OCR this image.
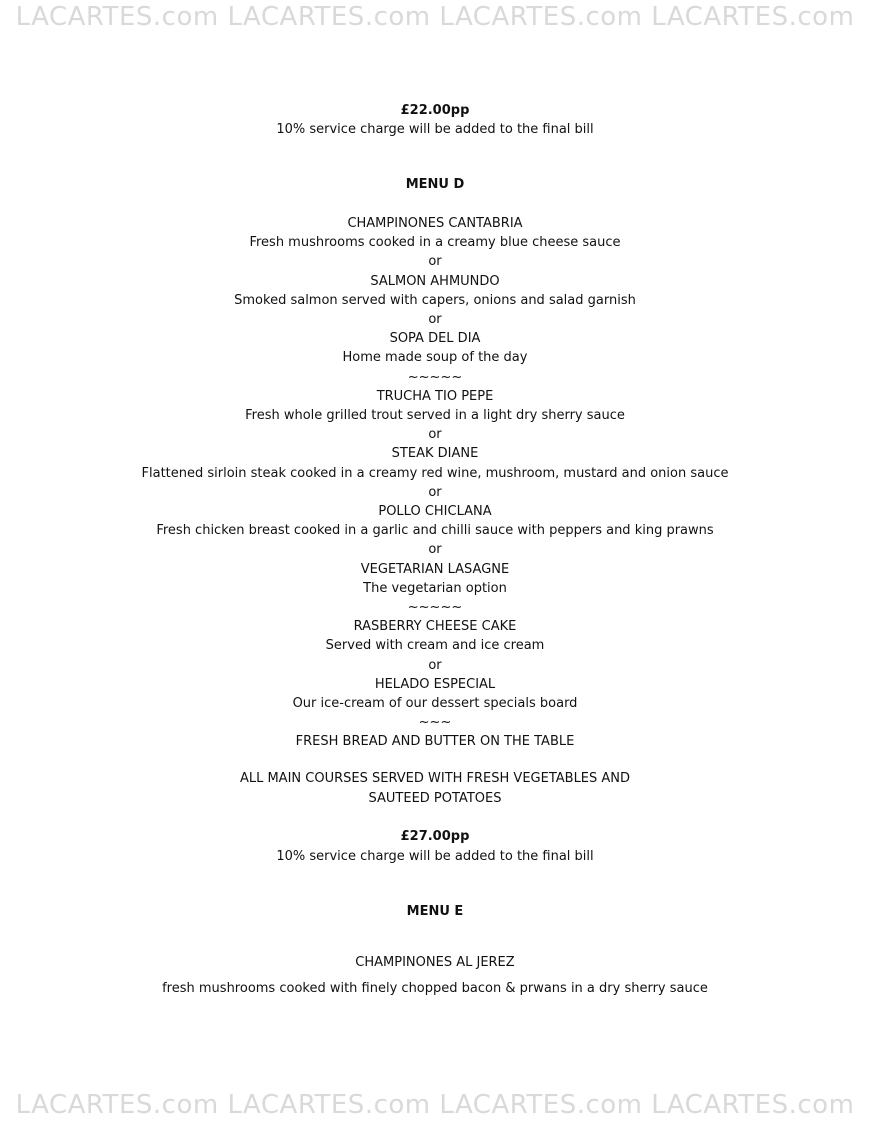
LACARTES.com LACARTES.com LACARTES.com LACARTES.com
£22.00pp
10% service charge will be added to the final bill
MENU D
CHAMPINONES CANTABRIA
Fresh mushrooms cooked in a creamy blue cheese sauce
or
SALMON AHMUNDO
Smoked salmon served with capers, onions and salad garnish
or
SOPA DEL DIA
Home made soup of the day
~~~~~
TRUCHA TIO PEPE
Fresh whole grilled trout served in a light dry sherry sauce
or
STEAK DIANE
Flattened sirloin steak cooked in a creamy red wine, mushroom, mustard and onion sauce
or
POLLO CHICLANA
Fresh chicken breast cooked in a garlic and chilli sauce with peppers and king prawns
or
VEGETARIAN LASAGNE
The vegetarian option
~~~~~
RASBERRY CHEESE CAKE
Served with cream and ice cream
or
HELADO ESPECIAL
Our ice-cream of our dessert specials board
~~~
FRESH BREAD AND BUTTER ON THE TABLE
ALL MAIN COURSES SERVED WITH FRESH VEGETABLES AND
SAUTEED POTATOES
£27.00pp
10% service charge will be added to the final bill
MENU E
CHAMPINONES AL JEREZ
fresh mushrooms cooked with finely chopped bacon & prwans in a dry sherry sauce
LACARTES.com LACARTES.com LACARTES.com LACARTES.com
